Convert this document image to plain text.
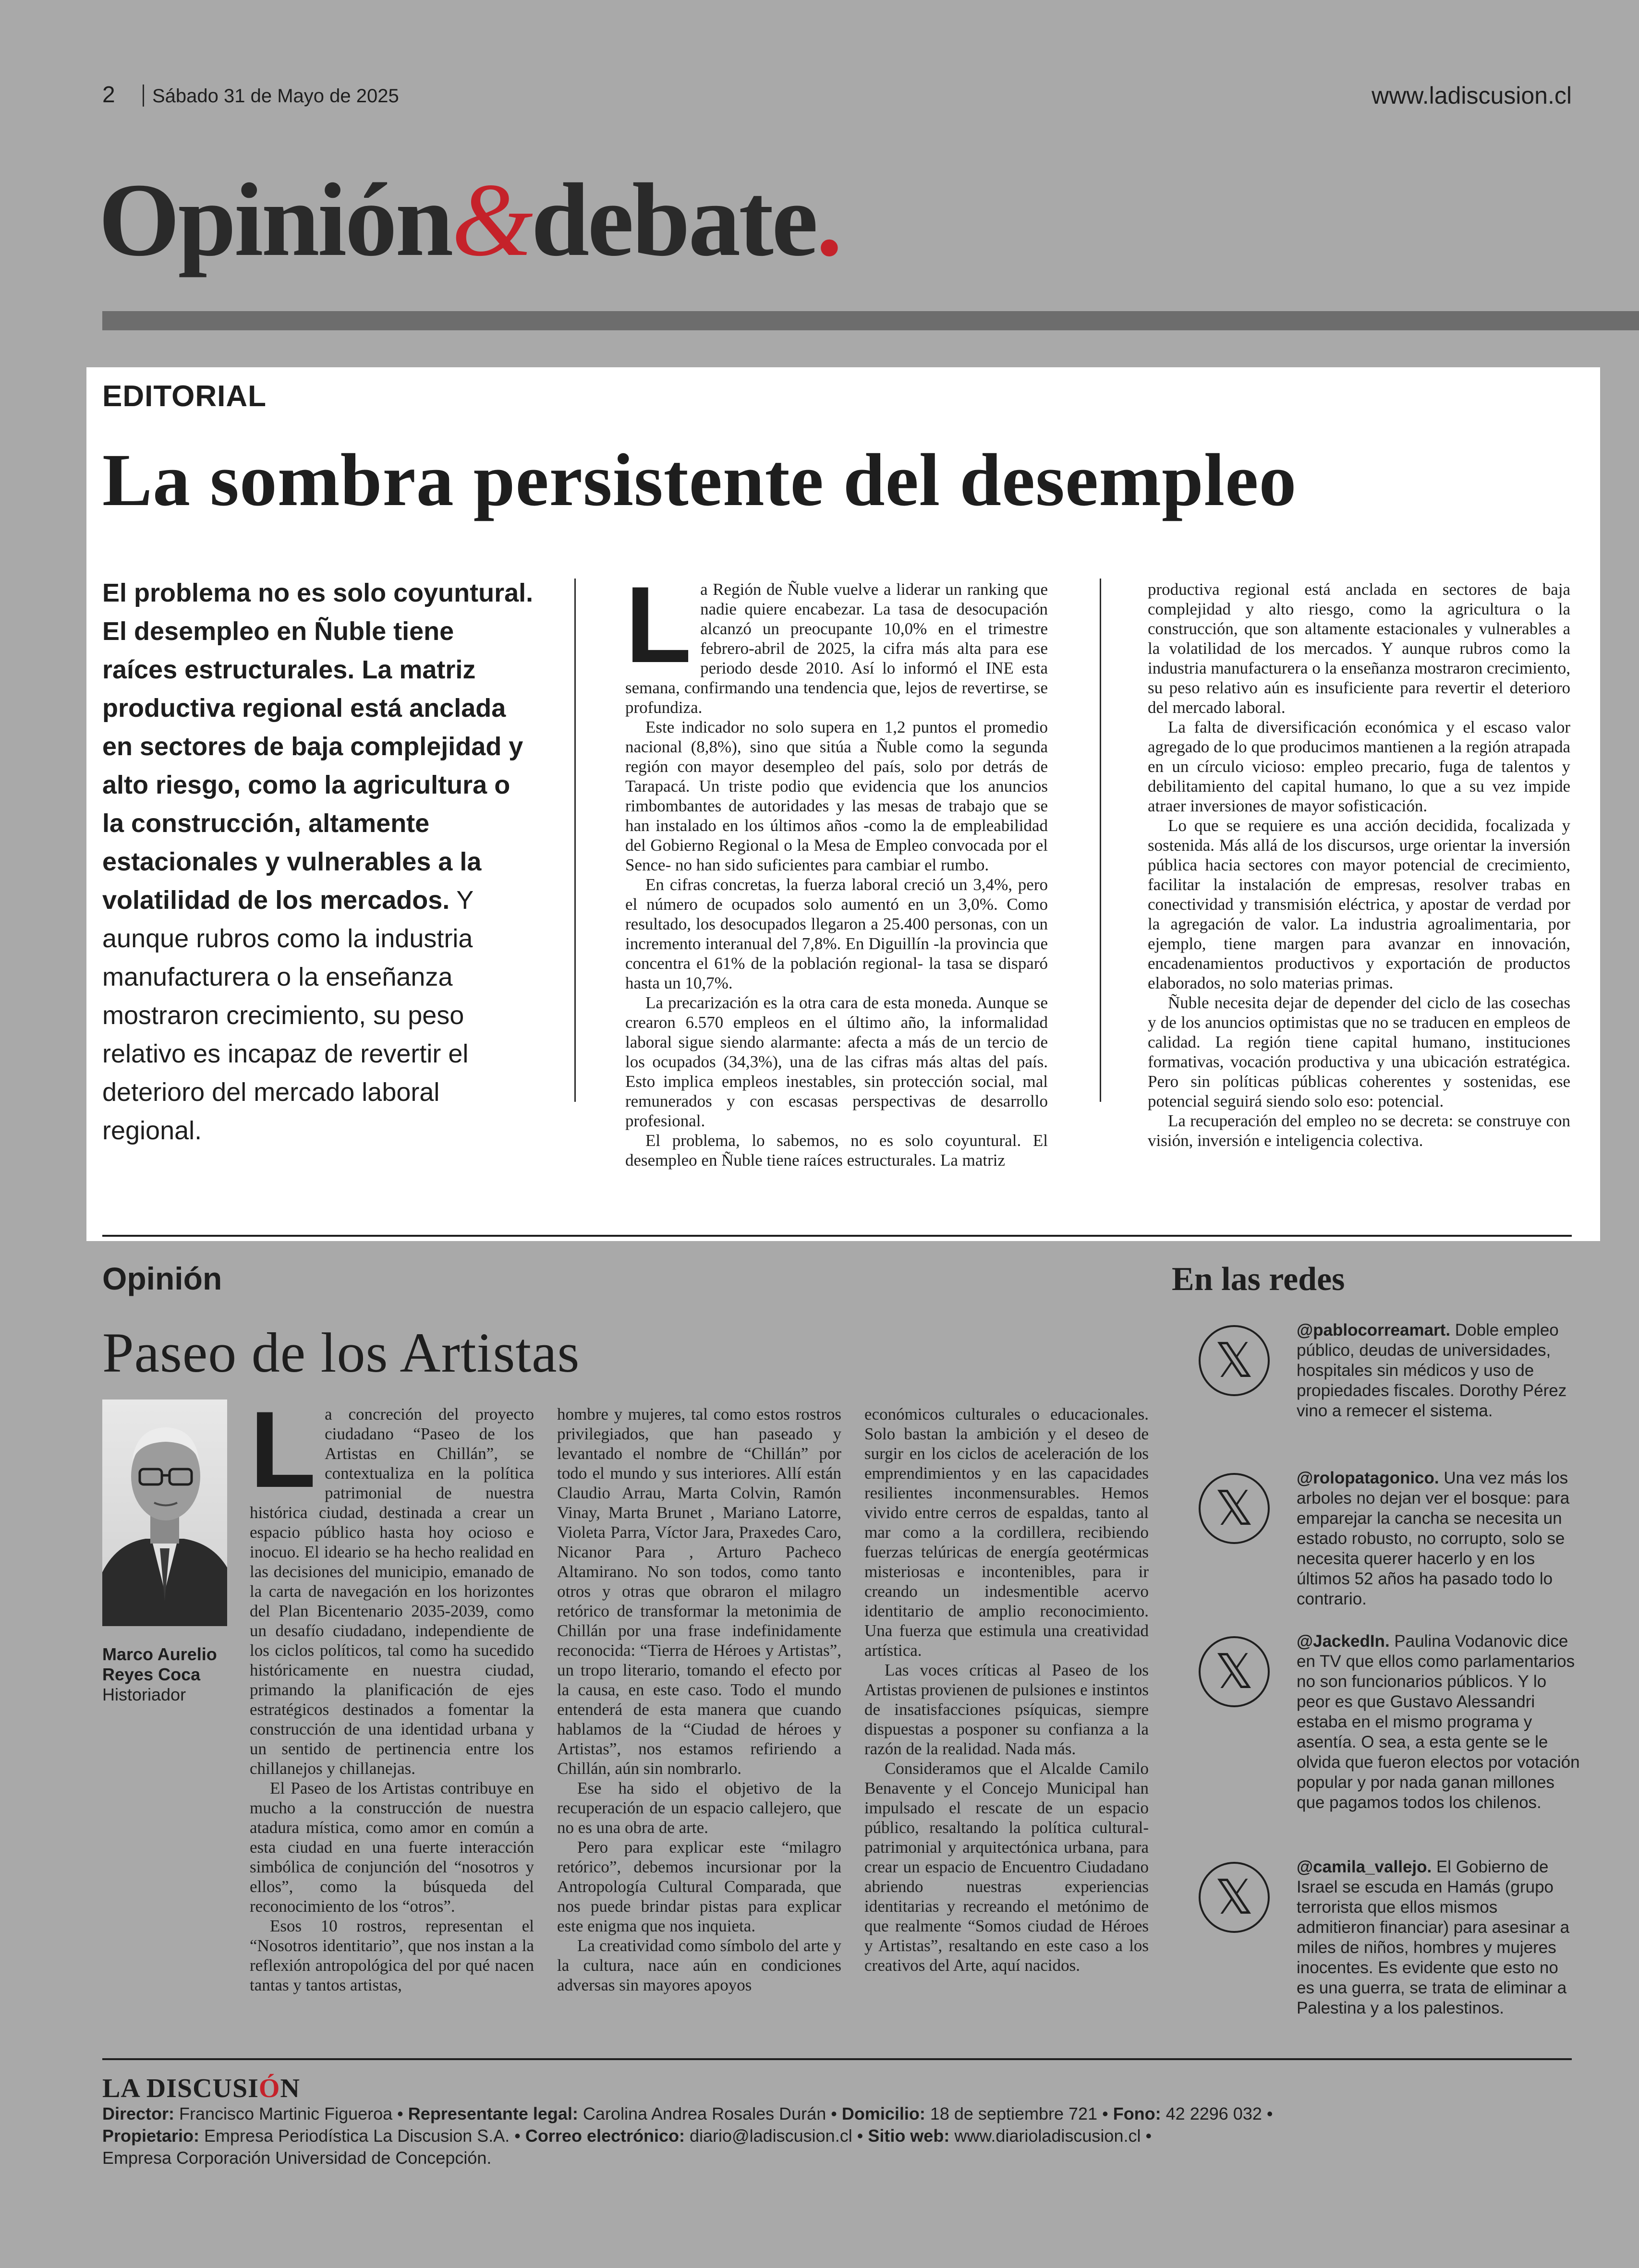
2 Sábado 31 de Mayo de 2025	www.ladiscusion.cl
Opinión&debate.
EDITORIAL
La sombra persistente del desempleo
El problema no es solo coyuntural. El desempleo en Ñuble tiene raíces estructurales. La matriz productiva regional está anclada en sectores de baja complejidad y alto riesgo, como la agricultura o la construcción, altamente estacionales y vulnerables a la volatilidad de los mercados. Y aunque rubros como la industria manufacturera o la enseñanza mostraron crecimiento, su peso relativo es incapaz de revertir el deterioro del mercado laboral regional.

La Región de Ñuble vuelve a liderar un ranking que nadie quiere encabezar. La tasa de desocupación alcanzó un preocupante 10,0% en el trimestre febrero-abril de 2025, la cifra más alta para ese periodo desde 2010. Así lo informó el INE esta semana, confirmando una tendencia que, lejos de revertirse, se profundiza.

Este indicador no solo supera en 1,2 puntos el promedio nacional (8,8%), sino que sitúa a Ñuble como la segunda región con mayor desempleo del país, solo por detrás de Tarapacá. Un triste podio que evidencia que los anuncios rimbombantes de autoridades y las mesas de trabajo que se han instalado en los últimos años -como la de empleabilidad del Gobierno Regional o la Mesa de Empleo convocada por el Sence- no han sido suficientes para cambiar el rumbo.

En cifras concretas, la fuerza laboral creció un 3,4%, pero el número de ocupados solo aumentó en un 3,0%. Como resultado, los desocupados llegaron a 25.400 personas, con un incremento interanual del 7,8%. En Diguillín -la provincia que concentra el 61% de la población regional- la tasa se disparó hasta un 10,7%.

La precarización es la otra cara de esta moneda. Aunque se crearon 6.570 empleos en el último año, la informalidad laboral sigue siendo alarmante: afecta a más de un tercio de los ocupados (34,3%), una de las cifras más altas del país. Esto implica empleos inestables, sin protección social, mal remunerados y con escasas perspectivas de desarrollo profesional.

El problema, lo sabemos, no es solo coyuntural. El desempleo en Ñuble tiene raíces estructurales. La matriz

productiva regional está anclada en sectores de baja complejidad y alto riesgo, como la agricultura o la construcción, que son altamente estacionales y vulnerables a la volatilidad de los mercados. Y aunque rubros como la industria manufacturera o la enseñanza mostraron crecimiento, su peso relativo aún es insuficiente para revertir el deterioro del mercado laboral.

La falta de diversificación económica y el escaso valor agregado de lo que producimos mantienen a la región atrapada en un círculo vicioso: empleo precario, fuga de talentos y debilitamiento del capital humano, lo que a su vez impide atraer inversiones de mayor sofisticación.

Lo que se requiere es una acción decidida, focalizada y sostenida. Más allá de los discursos, urge orientar la inversión pública hacia sectores con mayor potencial de crecimiento, facilitar la instalación de empresas, resolver trabas en conectividad y transmisión eléctrica, y apostar de verdad por la agregación de valor. La industria agroalimentaria, por ejemplo, tiene margen para avanzar en innovación, encadenamientos productivos y exportación de productos elaborados, no solo materias primas.

Ñuble necesita dejar de depender del ciclo de las cosechas y de los anuncios optimistas que no se traducen en empleos de calidad. La región tiene capital humano, instituciones formativas, vocación productiva y una ubicación estratégica. Pero sin políticas públicas coherentes y sostenidas, ese potencial seguirá siendo solo eso: potencial.

La recuperación del empleo no se decreta: se construye con visión, inversión e inteligencia colectiva.

Opinión
Paseo de los Artistas
Marco Aurelio
Reyes Coca
Historiador

La concreción del proyecto ciudadano “Paseo de los Artistas en Chillán”, se contextualiza en la política patrimonial de nuestra histórica ciudad, destinada a crear un espacio público hasta hoy ocioso e inocuo. El ideario se ha hecho realidad en las decisiones del municipio, emanado de la carta de navegación en los horizontes del Plan Bicentenario 2035-2039, como un desafío ciudadano, independiente de los ciclos políticos, tal como ha sucedido históricamente en nuestra ciudad, primando la planificación de ejes estratégicos destinados a fomentar la construcción de una identidad urbana y un sentido de pertinencia entre los chillanejos y chillanejas.

El Paseo de los Artistas contribuye en mucho a la construcción de nuestra atadura mística, como amor en común a esta ciudad en una fuerte interacción simbólica de conjunción del “nosotros y ellos”, como la búsqueda del reconocimiento de los “otros”.

Esos 10 rostros, representan el “Nosotros identitario”, que nos instan a la reflexión antropológica del por qué nacen tantas y tantos artistas,

hombre y mujeres, tal como estos rostros privilegiados, que han paseado y levantado el nombre de “Chillán” por todo el mundo y sus interiores. Allí están Claudio Arrau, Marta Colvin, Ramón Vinay, Marta Brunet , Mariano Latorre, Violeta Parra, Víctor Jara, Praxedes Caro, Nicanor Para , Arturo Pacheco Altamirano. No son todos, como tanto otros y otras que obraron el milagro retórico de transformar la metonimia de Chillán por una frase indefinidamente reconocida: “Tierra de Héroes y Artistas”, un tropo literario, tomando el efecto por la causa, en este caso. Todo el mundo entenderá de esta manera que cuando hablamos de la “Ciudad de héroes y Artistas”, nos estamos refiriendo a Chillán, aún sin nombrarlo.

Ese ha sido el objetivo de la recuperación de un espacio callejero, que no es una obra de arte.

Pero para explicar este “milagro retórico”, debemos incursionar por la Antropología Cultural Comparada, que nos puede brindar pistas para explicar este enigma que nos inquieta.

La creatividad como símbolo del arte y la cultura, nace aún en condiciones adversas sin mayores apoyos

económicos culturales o educacionales. Solo bastan la ambición y el deseo de surgir en los ciclos de aceleración de los emprendimientos y en las capacidades resilientes inconmensurables. Hemos vivido entre cerros de espaldas, tanto al mar como a la cordillera, recibiendo fuerzas telúricas de energía geotérmicas misteriosas e incontenibles, para ir creando un indesmentible acervo identitario de amplio reconocimiento. Una fuerza que estimula una creatividad artística.

Las voces críticas al Paseo de los Artistas provienen de pulsiones e instintos de insatisfacciones psíquicas, siempre dispuestas a posponer su confianza a la razón de la realidad. Nada más.

Consideramos que el Alcalde Camilo Benavente y el Concejo Municipal han impulsado el rescate de un espacio público, resaltando la política cultural-patrimonial y arquitectónica urbana, para crear un espacio de Encuentro Ciudadano abriendo nuestras experiencias identitarias y recreando el metónimo de que realmente “Somos ciudad de Héroes y Artistas”, resaltando en este caso a los creativos del Arte, aquí nacidos.

En las redes
𝕏
@pablocorreamart. Doble empleo público, deudas de universidades, hospitales sin médicos y uso de propiedades fiscales. Dorothy Pérez vino a remecer el sistema.
𝕏
@rolopatagonico. Una vez más los arboles no dejan ver el bosque: para emparejar la cancha se necesita un estado robusto, no corrupto, solo se necesita querer hacerlo y en los últimos 52 años ha pasado todo lo contrario.
𝕏
@JackedIn. Paulina Vodanovic dice en TV que ellos como parlamentarios no son funcionarios públicos. Y lo peor es que Gustavo Alessandri estaba en el mismo programa y asentía. O sea, a esta gente se le olvida que fueron electos por votación popular y por nada ganan millones que pagamos todos los chilenos.
𝕏
@camila_vallejo. El Gobierno de Israel se escuda en Hamás (grupo terrorista que ellos mismos admitieron financiar) para asesinar a miles de niños, hombres y mujeres inocentes. Es evidente que esto no es una guerra, se trata de eliminar a Palestina y a los palestinos.
LA DISCUSIÓN
Director: Francisco Martinic Figueroa • Representante legal: Carolina Andrea Rosales Durán • Domicilio: 18 de septiembre 721 • Fono: 42 2296 032 •
Propietario: Empresa Periodística La Discusion S.A. • Correo electrónico: diario@ladiscusion.cl • Sitio web: www.diarioladiscusion.cl •
Empresa Corporación Universidad de Concepción.
